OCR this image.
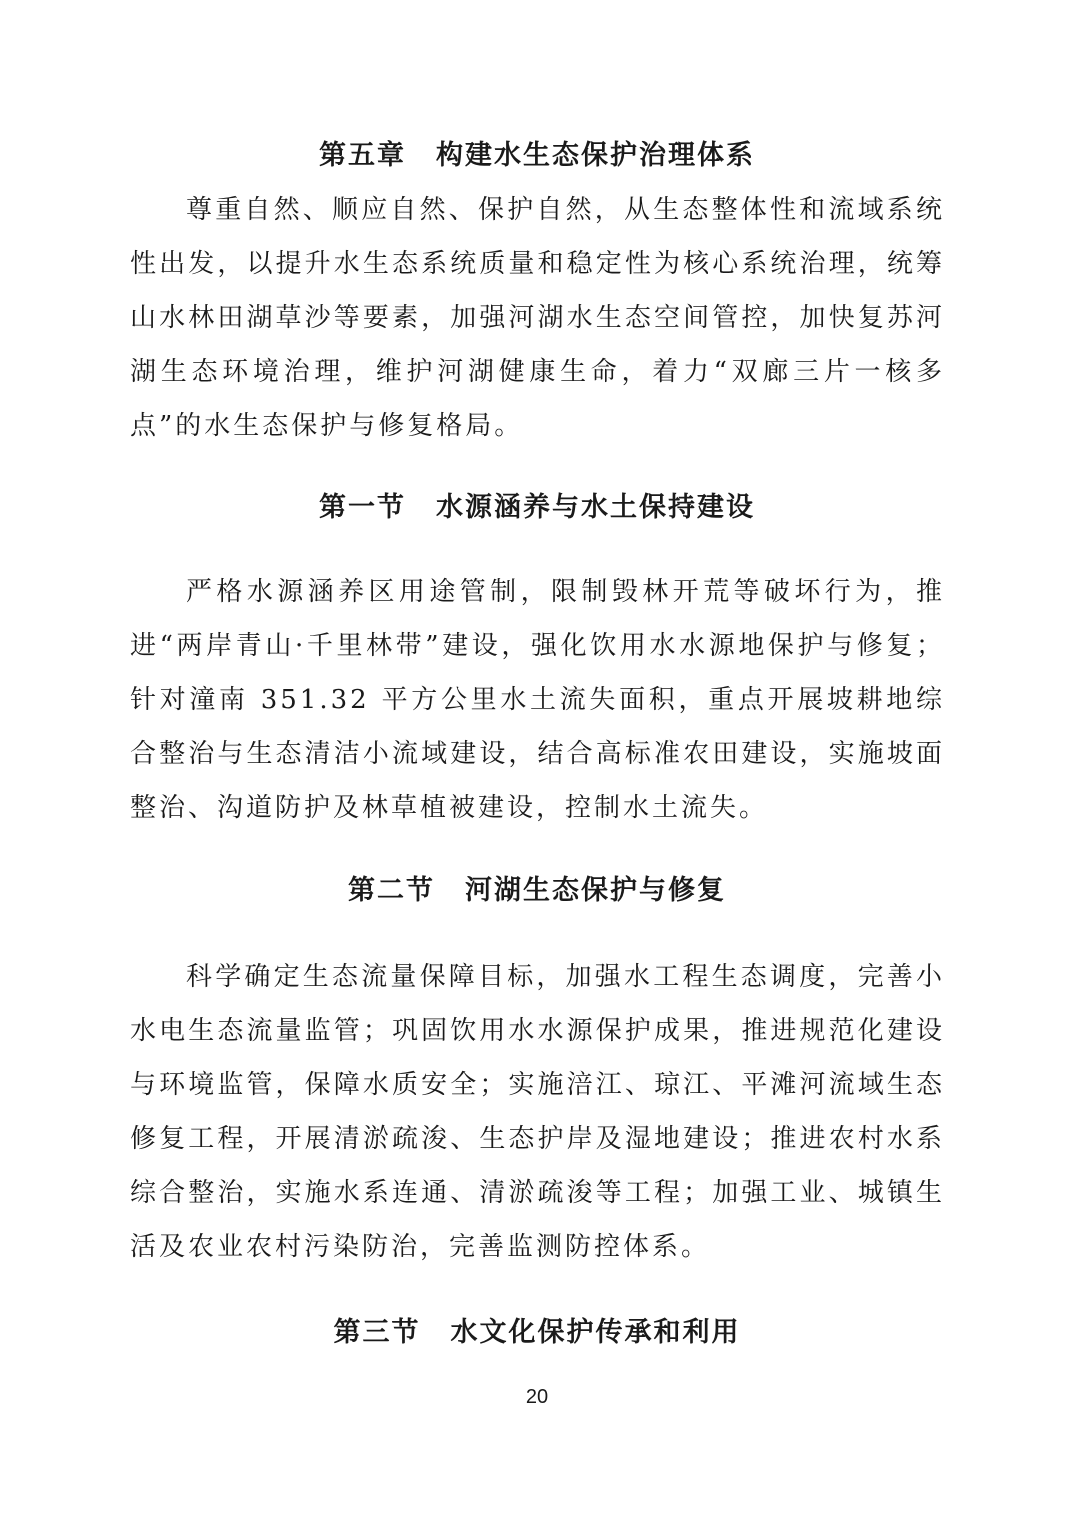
第五章 构建水生态保护治理体系

尊重自然、顺应自然、保护自然，从生态整体性和流域系统性出发，以提升水生态系统质量和稳定性为核心系统治理，统筹山水林田湖草沙等要素，加强河湖水生态空间管控，加快复苏河湖生态环境治理，维护河湖健康生命，着力“双廊三片一核多点”的水生态保护与修复格局。

第一节 水源涵养与水土保持建设

严格水源涵养区用途管制，限制毁林开荒等破坏行为，推进“两岸青山·千里林带”建设，强化饮用水水源地保护与修复；针对潼南 351.32 平方公里水土流失面积，重点开展坡耕地综合整治与生态清洁小流域建设，结合高标准农田建设，实施坡面整治、沟道防护及林草植被建设，控制水土流失。

第二节 河湖生态保护与修复

科学确定生态流量保障目标，加强水工程生态调度，完善小水电生态流量监管；巩固饮用水水源保护成果，推进规范化建设与环境监管，保障水质安全；实施涪江、琼江、平滩河流域生态修复工程，开展清淤疏浚、生态护岸及湿地建设；推进农村水系综合整治，实施水系连通、清淤疏浚等工程；加强工业、城镇生活及农业农村污染防治，完善监测防控体系。

第三节 水文化保护传承和利用
20
